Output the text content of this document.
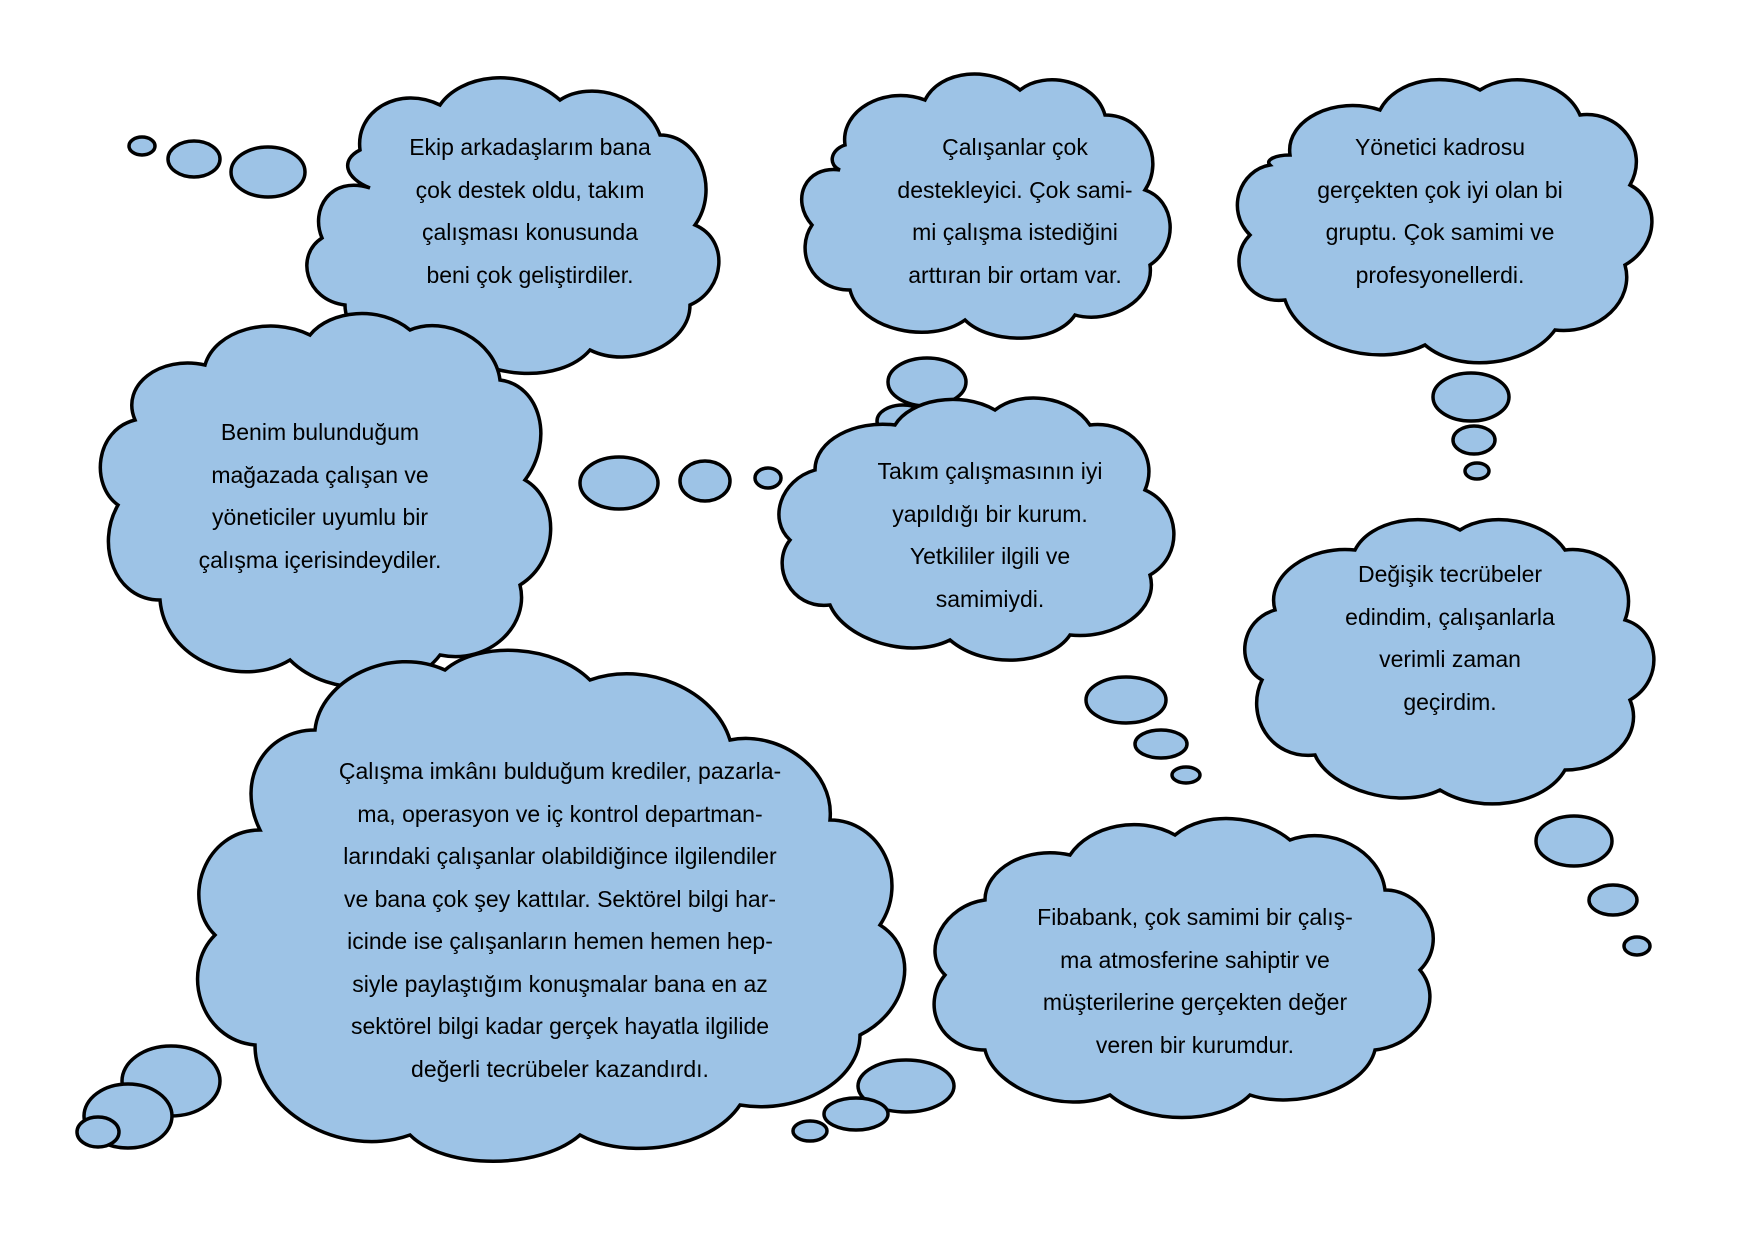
Ekip arkadaşlarım bana
çok destek oldu, takım
çalışması konusunda
beni çok geliştirdiler.
Çalışanlar çok
destekleyici. Çok sami-
mi çalışma istediğini
arttıran bir ortam var.
Yönetici kadrosu
gerçekten çok iyi olan bi
gruptu. Çok samimi ve
profesyonellerdi.
Benim bulunduğum
mağazada çalışan ve
yöneticiler uyumlu bir
çalışma içerisindeydiler.
Takım çalışmasının iyi
yapıldığı bir kurum.
Yetkililer ilgili ve
samimiydi.
Değişik tecrübeler
edindim, çalışanlarla
verimli zaman
geçirdim.
Çalışma imkânı bulduğum krediler, pazarla-
ma, operasyon ve iç kontrol departman-
larındaki çalışanlar olabildiğince ilgilendiler
ve bana çok şey kattılar. Sektörel bilgi har-
icinde ise çalışanların hemen hemen hep-
siyle paylaştığım konuşmalar bana en az
sektörel bilgi kadar gerçek hayatla ilgilide
değerli tecrübeler kazandırdı.
Fibabank, çok samimi bir çalış-
ma atmosferine sahiptir ve
müşterilerine gerçekten değer
veren bir kurumdur.
